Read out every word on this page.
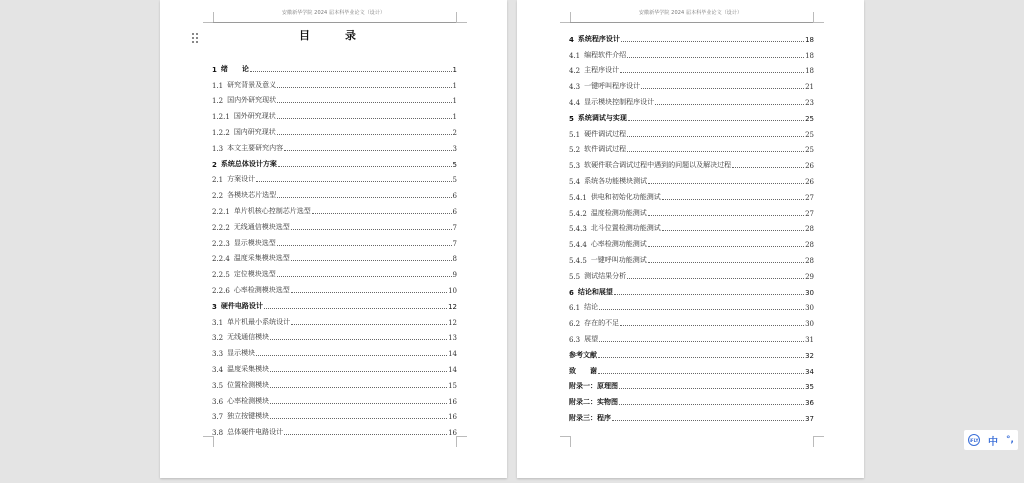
安徽新华学院 2024 届本科毕业论文（设计）
目　录
1 绪　　论	1
1.1 研究背景及意义	1
1.2 国内外研究现状	1
1.2.1 国外研究现状	1
1.2.2 国内研究现状	2
1.3 本文主要研究内容	3
2 系统总体设计方案	5
2.1 方案设计	5
2.2 各模块芯片选型	6
2.2.1 单片机核心控制芯片选型	6
2.2.2 无线通信模块选型	7
2.2.3 显示模块选型	7
2.2.4 温度采集模块选型	8
2.2.5 定位模块选型	9
2.2.6 心率检测模块选型	10
3 硬件电路设计	12
3.1 单片机最小系统设计	12
3.2 无线通信模块	13
3.3 显示模块	14
3.4 温度采集模块	14
3.5 位置检测模块	15
3.6 心率检测模块	16
3.7 独立按键模块	16
3.8 总体硬件电路设计	16
安徽新华学院 2024 届本科毕业论文（设计）
4 系统程序设计	18
4.1 编程软件介绍	18
4.2 主程序设计	18
4.3 一键呼叫程序设计	21
4.4 显示模块控制程序设计	23
5 系统调试与实现	25
5.1 硬件调试过程	25
5.2 软件调试过程	25
5.3 软硬件联合调试过程中遇到的问题以及解决过程	26
5.4 系统各功能模块测试	26
5.4.1 供电和初始化功能测试	27
5.4.2 温度检测功能测试	27
5.4.3 北斗位置检测功能测试	28
5.4.4 心率检测功能测试	28
5.4.5 一键呼叫功能测试	28
5.5 测试结果分析	29
6 结论和展望	30
6.1 结论	30
6.2 存在的不足	30
6.3 展望	31
参考文献	32
致　　谢	34
附录一：原理图	35
附录二：实物图	36
附录三：程序	37
iFLY 中 °,
